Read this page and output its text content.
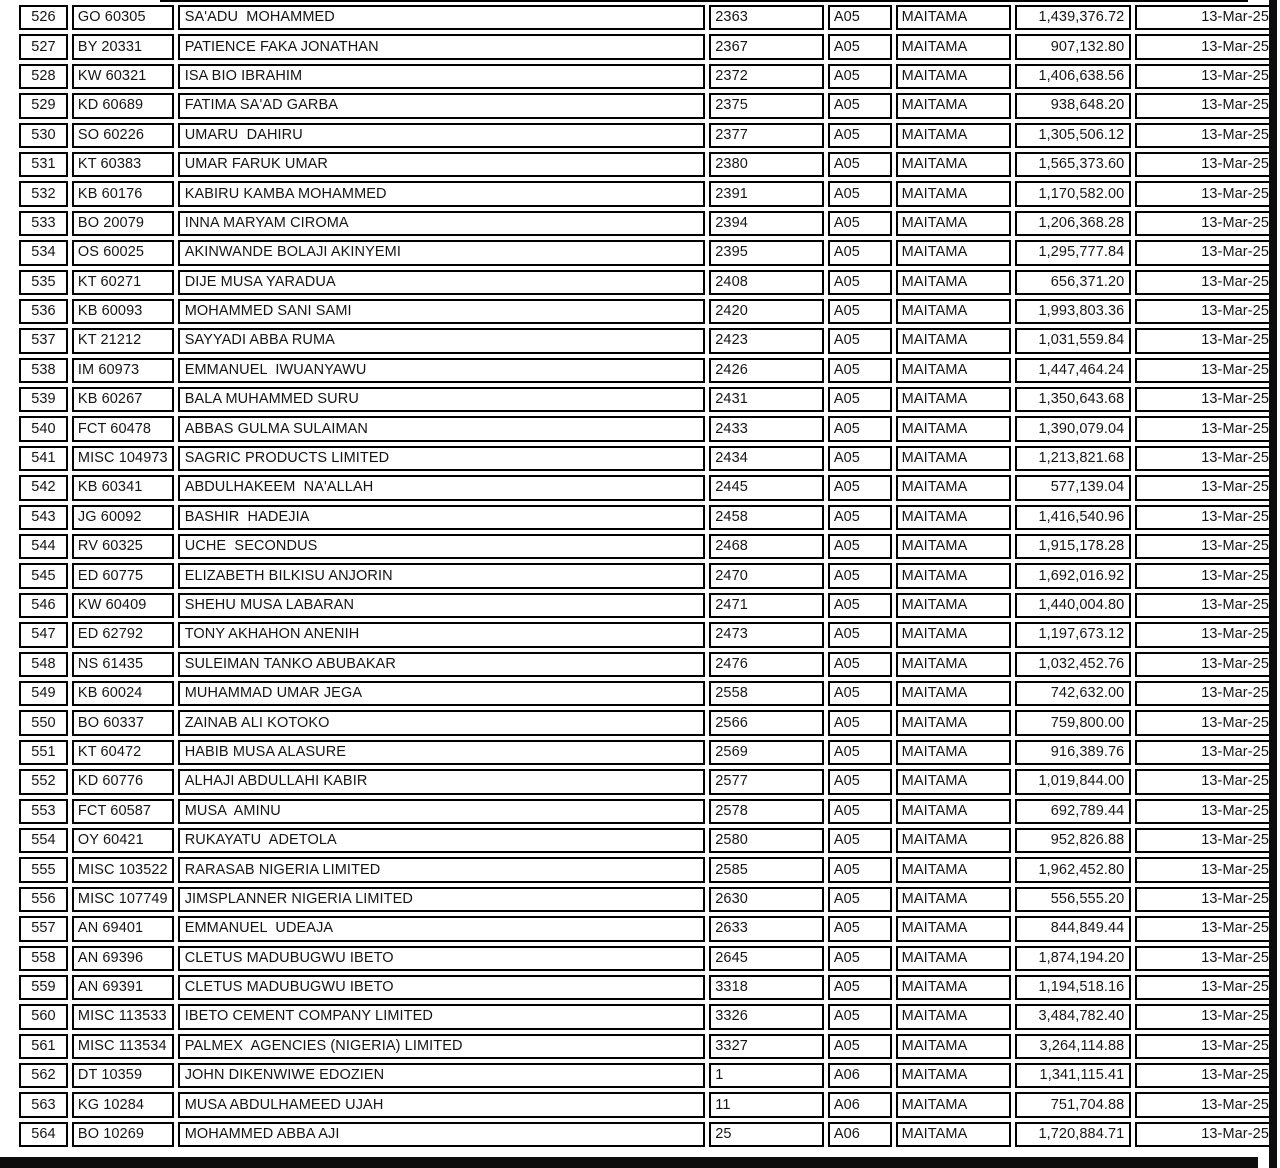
526	GO 60305	SA'ADU  MOHAMMED	2363	A05	MAITAMA	1,439,376.72	13-Mar-25
527	BY 20331	PATIENCE FAKA JONATHAN	2367	A05	MAITAMA	907,132.80	13-Mar-25
528	KW 60321	ISA BIO IBRAHIM	2372	A05	MAITAMA	1,406,638.56	13-Mar-25
529	KD 60689	FATIMA SA'AD GARBA	2375	A05	MAITAMA	938,648.20	13-Mar-25
530	SO 60226	UMARU  DAHIRU	2377	A05	MAITAMA	1,305,506.12	13-Mar-25
531	KT 60383	UMAR FARUK UMAR	2380	A05	MAITAMA	1,565,373.60	13-Mar-25
532	KB 60176	KABIRU KAMBA MOHAMMED	2391	A05	MAITAMA	1,170,582.00	13-Mar-25
533	BO 20079	INNA MARYAM CIROMA	2394	A05	MAITAMA	1,206,368.28	13-Mar-25
534	OS 60025	AKINWANDE BOLAJI AKINYEMI	2395	A05	MAITAMA	1,295,777.84	13-Mar-25
535	KT 60271	DIJE MUSA YARADUA	2408	A05	MAITAMA	656,371.20	13-Mar-25
536	KB 60093	MOHAMMED SANI SAMI	2420	A05	MAITAMA	1,993,803.36	13-Mar-25
537	KT 21212	SAYYADI ABBA RUMA	2423	A05	MAITAMA	1,031,559.84	13-Mar-25
538	IM 60973	EMMANUEL  IWUANYAWU	2426	A05	MAITAMA	1,447,464.24	13-Mar-25
539	KB 60267	BALA MUHAMMED SURU	2431	A05	MAITAMA	1,350,643.68	13-Mar-25
540	FCT 60478	ABBAS GULMA SULAIMAN	2433	A05	MAITAMA	1,390,079.04	13-Mar-25
541	MISC 104973	SAGRIC PRODUCTS LIMITED	2434	A05	MAITAMA	1,213,821.68	13-Mar-25
542	KB 60341	ABDULHAKEEM  NA'ALLAH	2445	A05	MAITAMA	577,139.04	13-Mar-25
543	JG 60092	BASHIR  HADEJIA	2458	A05	MAITAMA	1,416,540.96	13-Mar-25
544	RV 60325	UCHE  SECONDUS	2468	A05	MAITAMA	1,915,178.28	13-Mar-25
545	ED 60775	ELIZABETH BILKISU ANJORIN	2470	A05	MAITAMA	1,692,016.92	13-Mar-25
546	KW 60409	SHEHU MUSA LABARAN	2471	A05	MAITAMA	1,440,004.80	13-Mar-25
547	ED 62792	TONY AKHAHON ANENIH	2473	A05	MAITAMA	1,197,673.12	13-Mar-25
548	NS 61435	SULEIMAN TANKO ABUBAKAR	2476	A05	MAITAMA	1,032,452.76	13-Mar-25
549	KB 60024	MUHAMMAD UMAR JEGA	2558	A05	MAITAMA	742,632.00	13-Mar-25
550	BO 60337	ZAINAB ALI KOTOKO	2566	A05	MAITAMA	759,800.00	13-Mar-25
551	KT 60472	HABIB MUSA ALASURE	2569	A05	MAITAMA	916,389.76	13-Mar-25
552	KD 60776	ALHAJI ABDULLAHI KABIR	2577	A05	MAITAMA	1,019,844.00	13-Mar-25
553	FCT 60587	MUSA  AMINU	2578	A05	MAITAMA	692,789.44	13-Mar-25
554	OY 60421	RUKAYATU  ADETOLA	2580	A05	MAITAMA	952,826.88	13-Mar-25
555	MISC 103522	RARASAB NIGERIA LIMITED	2585	A05	MAITAMA	1,962,452.80	13-Mar-25
556	MISC 107749	JIMSPLANNER NIGERIA LIMITED	2630	A05	MAITAMA	556,555.20	13-Mar-25
557	AN 69401	EMMANUEL  UDEAJA	2633	A05	MAITAMA	844,849.44	13-Mar-25
558	AN 69396	CLETUS MADUBUGWU IBETO	2645	A05	MAITAMA	1,874,194.20	13-Mar-25
559	AN 69391	CLETUS MADUBUGWU IBETO	3318	A05	MAITAMA	1,194,518.16	13-Mar-25
560	MISC 113533	IBETO CEMENT COMPANY LIMITED	3326	A05	MAITAMA	3,484,782.40	13-Mar-25
561	MISC 113534	PALMEX  AGENCIES (NIGERIA) LIMITED	3327	A05	MAITAMA	3,264,114.88	13-Mar-25
562	DT 10359	JOHN DIKENWIWE EDOZIEN	1	A06	MAITAMA	1,341,115.41	13-Mar-25
563	KG 10284	MUSA ABDULHAMEED UJAH	11	A06	MAITAMA	751,704.88	13-Mar-25
564	BO 10269	MOHAMMED ABBA AJI	25	A06	MAITAMA	1,720,884.71	13-Mar-25
